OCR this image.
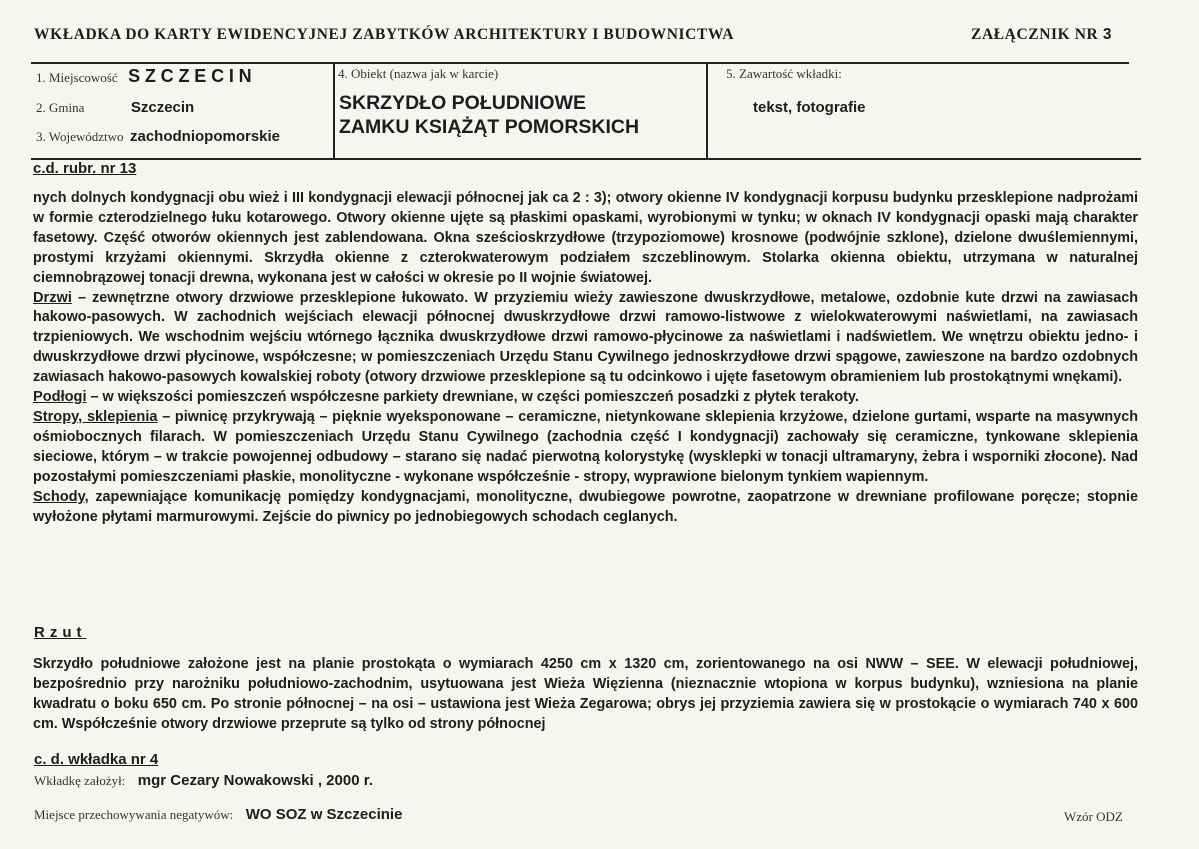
WKŁADKA DO KARTY EWIDENCYJNEJ ZABYTKÓW ARCHITEKTURY I BUDOWNICTWA	ZAŁĄCZNIK NR 3
1. Miejscowość SZCZECIN
2. Gmina	Szczecin
3. Województwo zachodniopomorskie
4. Obiekt (nazwa jak w karcie)
SKRZYDŁO POŁUDNIOWE
ZAMKU KSIĄŻĄT POMORSKICH
5. Zawartość wkładki:
tekst, fotografie
c.d. rubr. nr 13

nych dolnych kondygnacji obu wież i III kondygnacji elewacji północnej jak ca 2 : 3); otwory okienne IV kondygnacji korpusu budynku przesklepione nadprożami w formie czterodzielnego łuku kotarowego. Otwory okienne ujęte są płaskimi opaskami, wyrobionymi w tynku; w oknach IV kondygnacji opaski mają charakter fasetowy. Część otworów okiennych jest zablendowana. Okna sześcioskrzydłowe (trzypoziomowe) krosnowe (podwójnie szklone), dzielone dwuślemiennymi, prostymi krzyżami okiennymi. Skrzydła okienne z czterokwaterowym podziałem szczeblinowym. Stolarka okienna obiektu, utrzymana w naturalnej ciemnobrązowej tonacji drewna, wykonana jest w całości w okresie po II wojnie światowej.

Drzwi – zewnętrzne otwory drzwiowe przesklepione łukowato. W przyziemiu wieży zawieszone dwuskrzydłowe, metalowe, ozdobnie kute drzwi na zawiasach hakowo-pasowych. W zachodnich wejściach elewacji północnej dwuskrzydłowe drzwi ramowo-listwowe z wielokwaterowymi naświetlami, na zawiasach trzpieniowych. We wschodnim wejściu wtórnego łącznika dwuskrzydłowe drzwi ramowo-płycinowe za naświetlami i nadświetlem. We wnętrzu obiektu jedno- i dwuskrzydłowe drzwi płycinowe, współczesne; w pomieszczeniach Urzędu Stanu Cywilnego jednoskrzydłowe drzwi spągowe, zawieszone na bardzo ozdobnych zawiasach hakowo-pasowych kowalskiej roboty (otwory drzwiowe przesklepione są tu odcinkowo i ujęte fasetowym obramieniem lub prostokątnymi wnękami).

Podłogi – w większości pomieszczeń współczesne parkiety drewniane, w części pomieszczeń posadzki z płytek terakoty.

Stropy, sklepienia – piwnicę przykrywają – pięknie wyeksponowane – ceramiczne, nietynkowane sklepienia krzyżowe, dzielone gurtami, wsparte na masywnych ośmiobocznych filarach. W pomieszczeniach Urzędu Stanu Cywilnego (zachodnia część I kondygnacji) zachowały się ceramiczne, tynkowane sklepienia sieciowe, którym – w trakcie powojennej odbudowy – starano się nadać pierwotną kolorystykę (wysklepki w tonacji ultramaryny, żebra i wsporniki złocone). Nad pozostałymi pomieszczeniami płaskie, monolityczne - wykonane współcześnie - stropy, wyprawione bielonym tynkiem wapiennym.

Schody, zapewniające komunikację pomiędzy kondygnacjami, monolityczne, dwubiegowe powrotne, zaopatrzone w drewniane profilowane poręcze; stopnie wyłożone płytami marmurowymi. Zejście do piwnicy po jednobiegowych schodach ceglanych.

Rzut
Skrzydło południowe założone jest na planie prostokąta o wymiarach 4250 cm x 1320 cm, zorientowanego na osi NWW – SEE. W elewacji południowej, bezpośrednio przy narożniku południowo-zachodnim, usytuowana jest Wieża Więzienna (nieznacznie wtopiona w korpus budynku), wzniesiona na planie kwadratu o boku 650 cm. Po stronie północnej – na osi – ustawiona jest Wieża Zegarowa; obrys jej przyziemia zawiera się w prostokącie o wymiarach 740 x 600 cm. Współcześnie otwory drzwiowe przeprute są tylko od strony północnej
c. d. wkładka nr 4
Wkładkę założył: mgr Cezary Nowakowski , 2000 r.
Miejsce przechowywania negatywów: WO SOZ w Szczecinie	Wzór ODZ
